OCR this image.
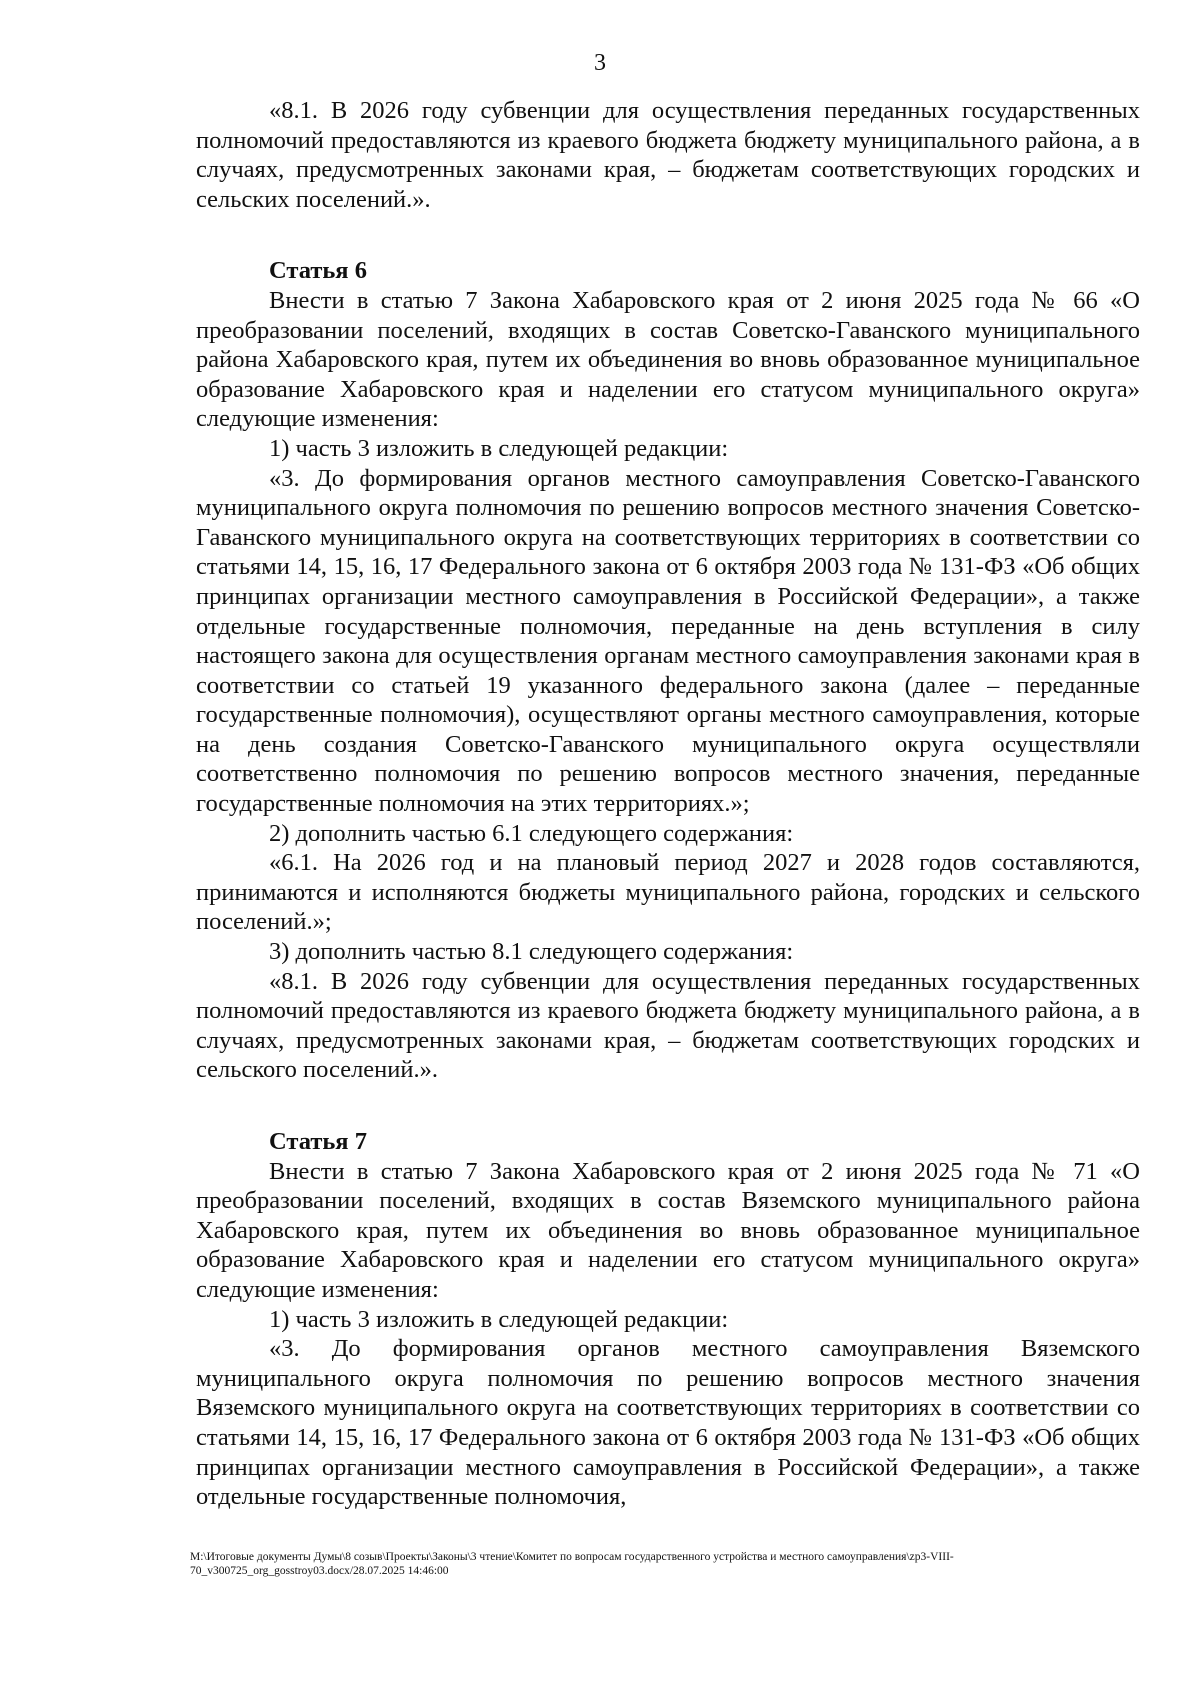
3

«8.1. В 2026 году субвенции для осуществления переданных государственных полномочий предоставляются из краевого бюджета бюджету муниципального района, а в случаях, предусмотренных законами края, – бюджетам соответствующих городских и сельских поселений.».

Статья 6

Внести в статью 7 Закона Хабаровского края от 2 июня 2025 года № 66 «О преобразовании поселений, входящих в состав Советско-Гаванского муниципального района Хабаровского края, путем их объединения во вновь образованное муниципальное образование Хабаровского края и наделении его статусом муниципального округа» следующие изменения:

1) часть 3 изложить в следующей редакции:

«3. До формирования органов местного самоуправления Советско-Гаванского муниципального округа полномочия по решению вопросов местного значения Советско-Гаванского муниципального округа на соответствующих территориях в соответствии со статьями 14, 15, 16, 17 Федерального закона от 6 октября 2003 года № 131-ФЗ «Об общих принципах организации местного самоуправления в Российской Федерации», а также отдельные государственные полномочия, переданные на день вступления в силу настоящего закона для осуществления органам местного самоуправления законами края в соответствии со статьей 19 указанного федерального закона (далее – переданные государственные полномочия), осуществляют органы местного самоуправления, которые на день создания Советско-Гаванского муниципального округа осуществляли соответственно полномочия по решению вопросов местного значения, переданные государственные полномочия на этих территориях.»;

2) дополнить частью 6.1 следующего содержания:

«6.1. На 2026 год и на плановый период 2027 и 2028 годов составляются, принимаются и исполняются бюджеты муниципального района, городских и сельского поселений.»;

3) дополнить частью 8.1 следующего содержания:

«8.1. В 2026 году субвенции для осуществления переданных государственных полномочий предоставляются из краевого бюджета бюджету муниципального района, а в случаях, предусмотренных законами края, – бюджетам соответствующих городских и сельского поселений.».

Статья 7

Внести в статью 7 Закона Хабаровского края от 2 июня 2025 года № 71 «О преобразовании поселений, входящих в состав Вяземского муниципального района Хабаровского края, путем их объединения во вновь образованное муниципальное образование Хабаровского края и наделении его статусом муниципального округа» следующие изменения:

1) часть 3 изложить в следующей редакции:

«3. До формирования органов местного самоуправления Вяземского муниципального округа полномочия по решению вопросов местного значения Вяземского муниципального округа на соответствующих территориях в соответствии со статьями 14, 15, 16, 17 Федерального закона от 6 октября 2003 года № 131-ФЗ «Об общих принципах организации местного самоуправления в Российской Федерации», а также отдельные государственные полномочия,

M:\Итоговые документы Думы\8 созыв\Проекты\Законы\3 чтение\Комитет по вопросам государственного устройства и местного самоуправления\zp3-VIII-70_v300725_org_gosstroy03.docx/28.07.2025 14:46:00
